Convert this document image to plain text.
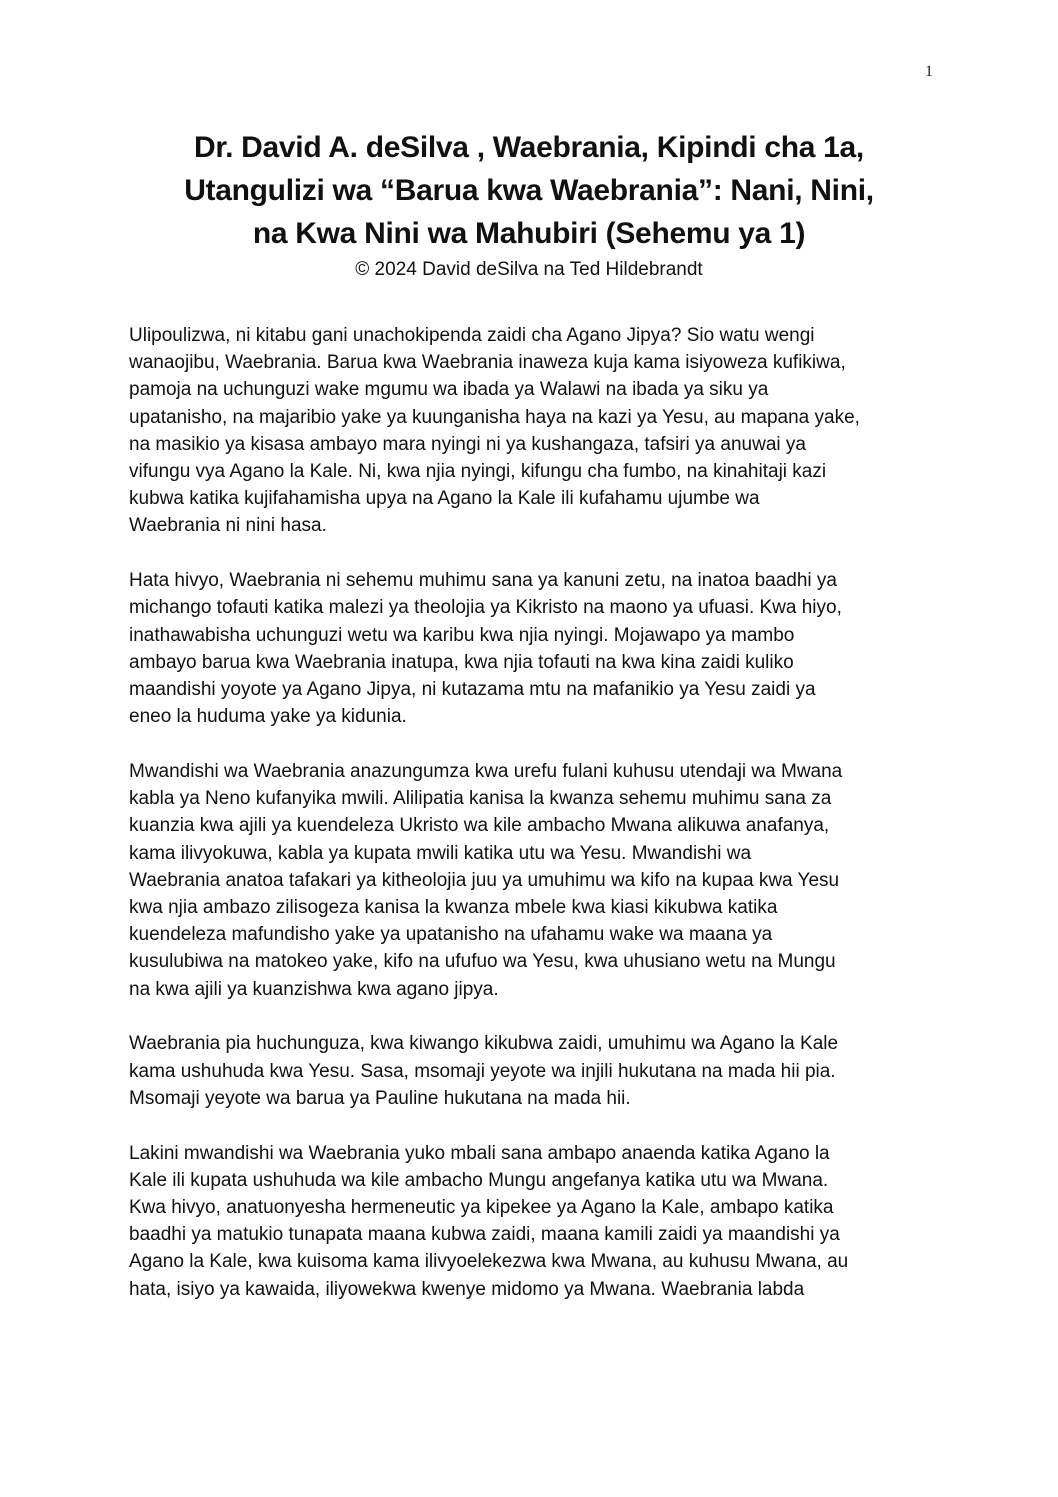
1
Dr. David A. deSilva , Waebrania, Kipindi cha 1a,
Utangulizi wa “Barua kwa Waebrania”: Nani, Nini,
na Kwa Nini wa Mahubiri (Sehemu ya 1)

© 2024 David deSilva na Ted Hildebrandt

Ulipoulizwa, ni kitabu gani unachokipenda zaidi cha Agano Jipya? Sio watu wengi
wanaojibu, Waebrania. Barua kwa Waebrania inaweza kuja kama isiyoweza kufikiwa,
pamoja na uchunguzi wake mgumu wa ibada ya Walawi na ibada ya siku ya
upatanisho, na majaribio yake ya kuunganisha haya na kazi ya Yesu, au mapana yake,
na masikio ya kisasa ambayo mara nyingi ni ya kushangaza, tafsiri ya anuwai ya
vifungu vya Agano la Kale. Ni, kwa njia nyingi, kifungu cha fumbo, na kinahitaji kazi
kubwa katika kujifahamisha upya na Agano la Kale ili kufahamu ujumbe wa
Waebrania ni nini hasa.

Hata hivyo, Waebrania ni sehemu muhimu sana ya kanuni zetu, na inatoa baadhi ya
michango tofauti katika malezi ya theolojia ya Kikristo na maono ya ufuasi. Kwa hiyo,
inathawabisha uchunguzi wetu wa karibu kwa njia nyingi. Mojawapo ya mambo
ambayo barua kwa Waebrania inatupa, kwa njia tofauti na kwa kina zaidi kuliko
maandishi yoyote ya Agano Jipya, ni kutazama mtu na mafanikio ya Yesu zaidi ya
eneo la huduma yake ya kidunia.

Mwandishi wa Waebrania anazungumza kwa urefu fulani kuhusu utendaji wa Mwana
kabla ya Neno kufanyika mwili. Alilipatia kanisa la kwanza sehemu muhimu sana za
kuanzia kwa ajili ya kuendeleza Ukristo wa kile ambacho Mwana alikuwa anafanya,
kama ilivyokuwa, kabla ya kupata mwili katika utu wa Yesu. Mwandishi wa
Waebrania anatoa tafakari ya kitheolojia juu ya umuhimu wa kifo na kupaa kwa Yesu
kwa njia ambazo zilisogeza kanisa la kwanza mbele kwa kiasi kikubwa katika
kuendeleza mafundisho yake ya upatanisho na ufahamu wake wa maana ya
kusulubiwa na matokeo yake, kifo na ufufuo wa Yesu, kwa uhusiano wetu na Mungu
na kwa ajili ya kuanzishwa kwa agano jipya.

Waebrania pia huchunguza, kwa kiwango kikubwa zaidi, umuhimu wa Agano la Kale
kama ushuhuda kwa Yesu. Sasa, msomaji yeyote wa injili hukutana na mada hii pia.
Msomaji yeyote wa barua ya Pauline hukutana na mada hii.

Lakini mwandishi wa Waebrania yuko mbali sana ambapo anaenda katika Agano la
Kale ili kupata ushuhuda wa kile ambacho Mungu angefanya katika utu wa Mwana.
Kwa hivyo, anatuonyesha hermeneutic ya kipekee ya Agano la Kale, ambapo katika
baadhi ya matukio tunapata maana kubwa zaidi, maana kamili zaidi ya maandishi ya
Agano la Kale, kwa kuisoma kama ilivyoelekezwa kwa Mwana, au kuhusu Mwana, au
hata, isiyo ya kawaida, iliyowekwa kwenye midomo ya Mwana. Waebrania labda
